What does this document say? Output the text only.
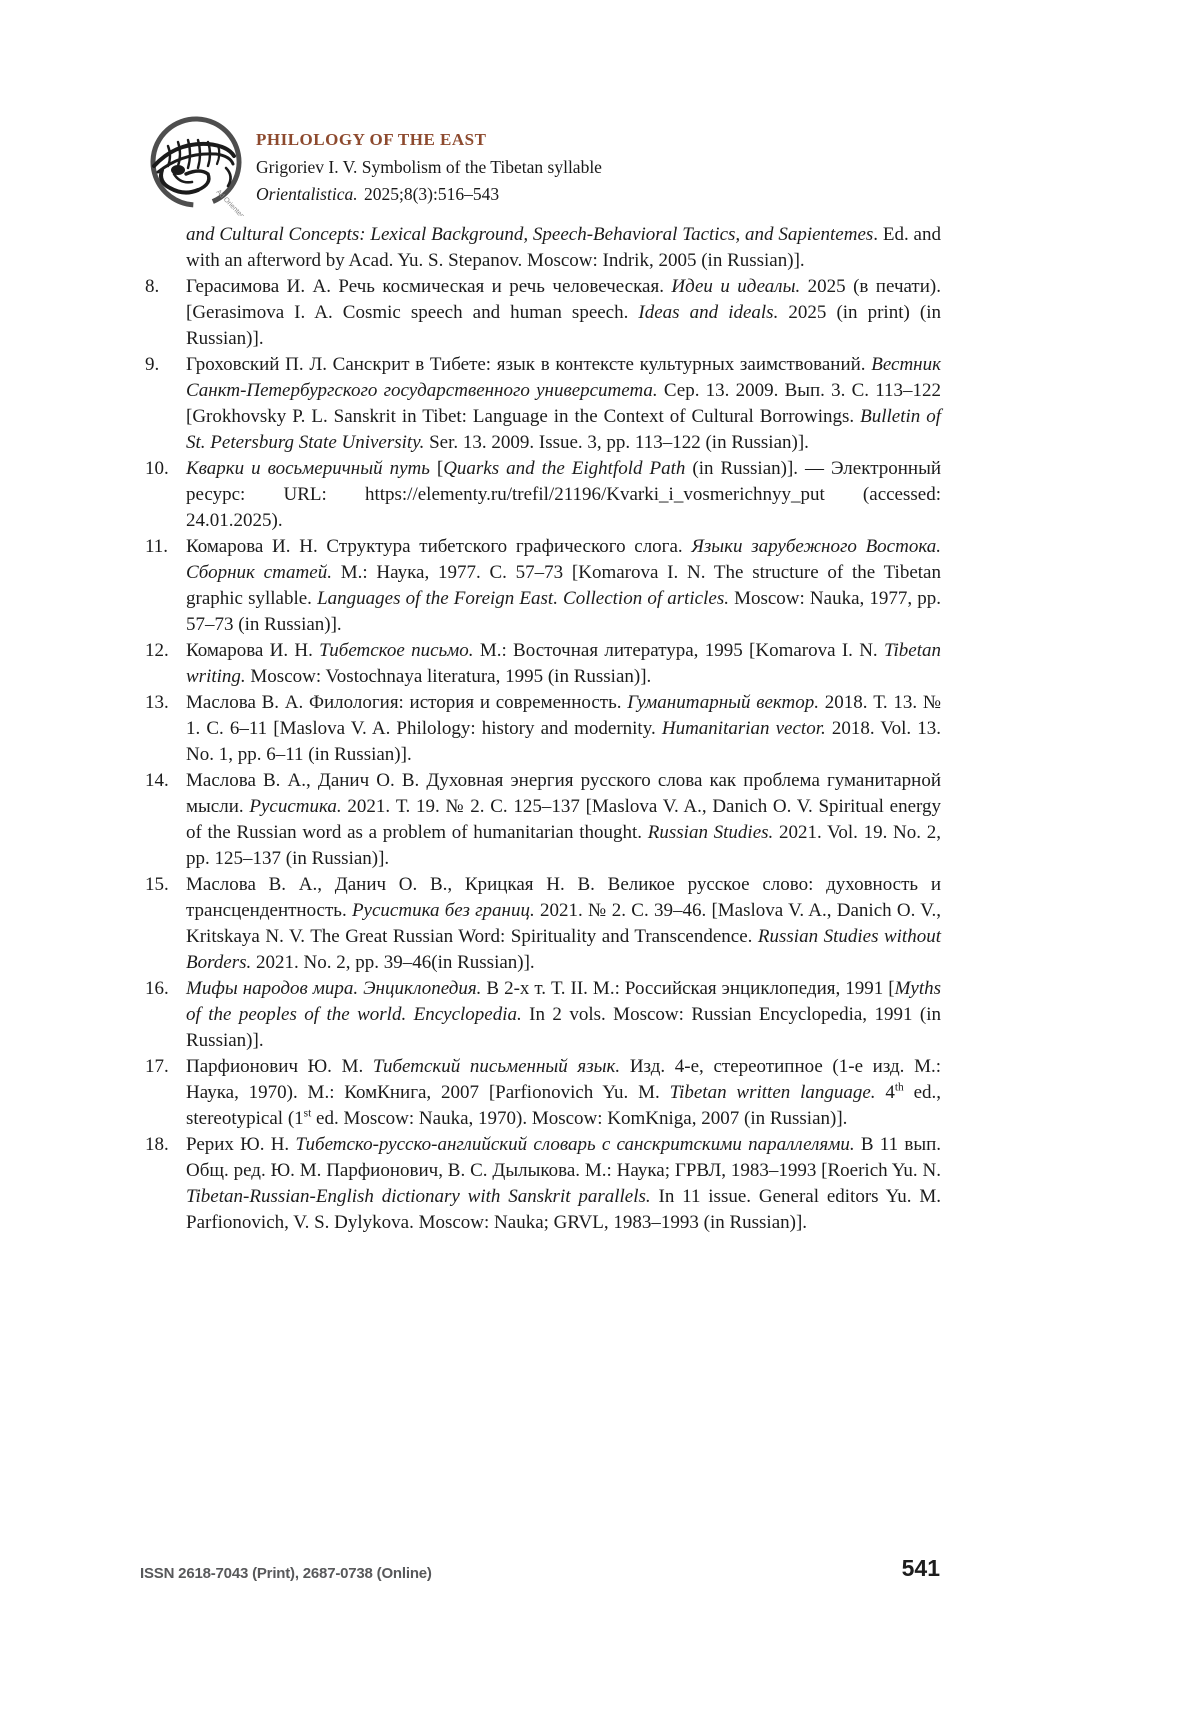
Ad Orientem
PHILOLOGY OF THE EAST
Grigoriev I. V. Symbolism of the Tibetan syllable
Orientalistica. 2025;8(3):516–543
and Cultural Concepts: Lexical Background, Speech-Behavioral Tactics, and Sapientemes. Ed. and with an afterword by Acad. Yu. S. Stepanov. Moscow: Indrik, 2005 (in Russian)].
8. Герасимова И. А. Речь космическая и речь человеческая. Идеи и идеалы. 2025 (в печати). [Gerasimova I. A. Cosmic speech and human speech. Ideas and ideals. 2025 (in print) (in Russian)].
9. Гроховский П. Л. Санскрит в Тибете: язык в контексте культурных заимствований. Вестник Санкт-Петербургского государственного университета. Сер. 13. 2009. Вып. 3. С. 113–122 [Grokhovsky P. L. Sanskrit in Tibet: Language in the Context of Cultural Borrowings. Bulletin of St. Petersburg State University. Ser. 13. 2009. Issue. 3, pp. 113–122 (in Russian)].
10. Кварки и восьмеричный путь [Quarks and the Eightfold Path (in Russian)]. — Электронный ресурс: URL: https://elementy.ru/trefil/21196/Kvarki_i_vosmerichnyy_put (accessed: 24.01.2025).
11. Комарова И. Н. Структура тибетского графического слога. Языки зарубежного Востока. Сборник статей. М.: Наука, 1977. С. 57–73 [Komarova I. N. The structure of the Tibetan graphic syllable. Languages of the Foreign East. Collection of articles. Moscow: Nauka, 1977, pp. 57–73 (in Russian)].
12. Комарова И. Н. Тибетское письмо. М.: Восточная литература, 1995 [Komarova I. N. Tibetan writing. Moscow: Vostochnaya literatura, 1995 (in Russian)].
13. Маслова В. А. Филология: история и современность. Гуманитарный вектор. 2018. Т. 13. № 1. С. 6–11 [Maslova V. A. Philology: history and modernity. Humanitarian vector. 2018. Vol. 13. No. 1, pp. 6–11 (in Russian)].
14. Маслова В. А., Данич О. В. Духовная энергия русского слова как проблема гуманитарной мысли. Русистика. 2021. Т. 19. № 2. С. 125–137 [Maslova V. A., Danich O. V. Spiritual energy of the Russian word as a problem of humanitarian thought. Russian Studies. 2021. Vol. 19. No. 2, pp. 125–137 (in Russian)].
15. Маслова В. А., Данич О. В., Крицкая Н. В. Великое русское слово: духовность и трансцендентность. Русистика без границ. 2021. № 2. С. 39–46. [Maslova V. A., Danich O. V., Kritskaya N. V. The Great Russian Word: Spirituality and Transcendence. Russian Studies without Borders. 2021. No. 2, pp. 39–46(in Russian)].
16. Мифы народов мира. Энциклопедия. В 2-х т. Т. II. М.: Российская энциклопедия, 1991 [Myths of the peoples of the world. Encyclopedia. In 2 vols. Moscow: Russian Encyclopedia, 1991 (in Russian)].
17. Парфионович Ю. М. Тибетский письменный язык. Изд. 4-е, стереотипное (1-е изд. М.: Наука, 1970). М.: КомКнига, 2007 [Parfionovich Yu. M. Tibetan written language. 4th ed., stereotypical (1st ed. Moscow: Nauka, 1970). Moscow: KomKniga, 2007 (in Russian)].
18. Рерих Ю. Н. Тибетско-русско-английский словарь с санскритскими параллелями. В 11 вып. Общ. ред. Ю. М. Парфионович, В. С. Дылыкова. М.: Наука; ГРВЛ, 1983–1993 [Roerich Yu. N. Tibetan-Russian-English dictionary with Sanskrit parallels. In 11 issue. General editors Yu. M. Parfionovich, V. S. Dylykova. Moscow: Nauka; GRVL, 1983–1993 (in Russian)].
ISSN 2618-7043 (Print), 2687-0738 (Online)	541
